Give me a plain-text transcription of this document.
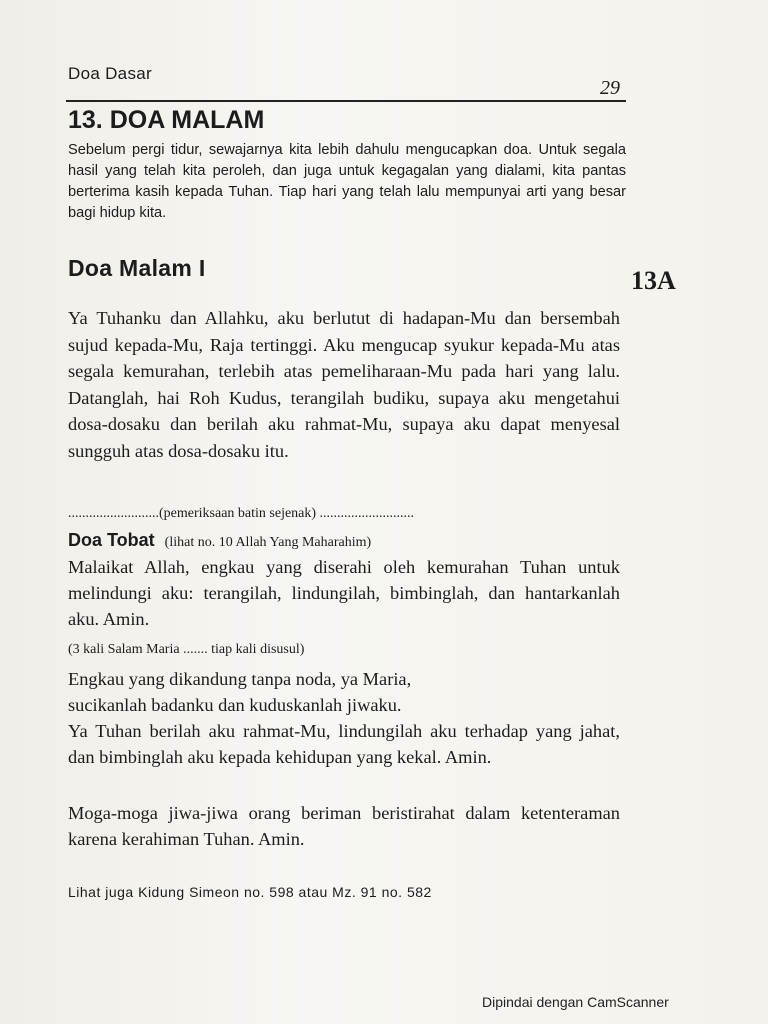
Doa Dasar
29
13. DOA MALAM
Sebelum pergi tidur, sewajarnya kita lebih dahulu mengucapkan doa. Untuk segala hasil yang telah kita peroleh, dan juga untuk kegagalan yang dialami, kita pantas berterima kasih kepada Tuhan. Tiap hari yang telah lalu mempunyai arti yang besar bagi hidup kita.
Doa Malam I	13A
Ya Tuhanku dan Allahku, aku berlutut di hadapan-Mu dan bersembah sujud kepada-Mu, Raja tertinggi. Aku mengucap syukur kepada-Mu atas segala kemurahan, terlebih atas pemeliharaan-Mu pada hari yang lalu. Datanglah, hai Roh Kudus, terangilah budiku, supaya aku mengetahui dosa-dosaku dan berilah aku rahmat-Mu, supaya aku dapat menyesal sungguh atas dosa-dosaku itu.
..........................(pemeriksaan batin sejenak) ...........................
Doa Tobat (lihat no. 10 Allah Yang Maharahim)
Malaikat Allah, engkau yang diserahi oleh kemurahan Tuhan untuk melindungi aku: terangilah, lindungilah, bimbinglah, dan hantarkanlah aku. Amin.
(3 kali Salam Maria ....... tiap kali disusul)
Engkau yang dikandung tanpa noda, ya Maria,
sucikanlah badanku dan kuduskanlah jiwaku.
Ya Tuhan berilah aku rahmat-Mu, lindungilah aku terhadap yang jahat, dan bimbinglah aku kepada kehidupan yang kekal. Amin.
Moga-moga jiwa-jiwa orang beriman beristirahat dalam ketenteraman karena kerahiman Tuhan. Amin.
Lihat juga Kidung Simeon no. 598 atau Mz. 91 no. 582
Dipindai dengan CamScanner
